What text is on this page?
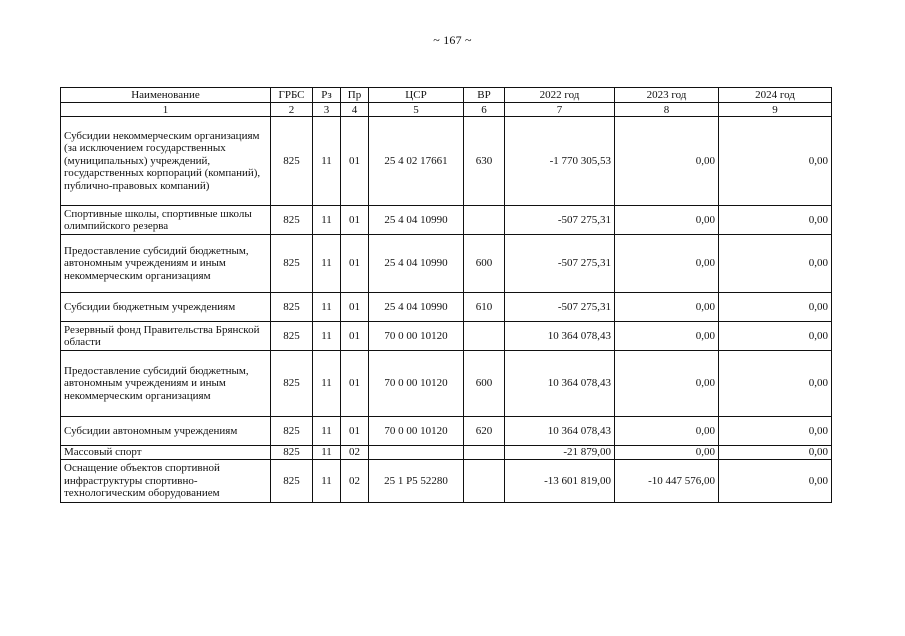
~ 167 ~
Наименование	ГРБС	Рз	Пр	ЦСР	ВР	2022 год	2023 год	2024 год
1	2	3	4	5	6	7	8	9
Субсидии некоммерческим организациям (за исключением государственных (муниципальных) учреждений, государственных корпораций (компаний), публично-правовых компаний)	825	11	01	25 4 02 17661	630	-1 770 305,53	0,00	0,00
Спортивные школы, спортивные школы олимпийского резерва	825	11	01	25 4 04 10990		-507 275,31	0,00	0,00
Предоставление субсидий бюджетным, автономным учреждениям и иным некоммерческим организациям	825	11	01	25 4 04 10990	600	-507 275,31	0,00	0,00
Субсидии бюджетным учреждениям	825	11	01	25 4 04 10990	610	-507 275,31	0,00	0,00
Резервный фонд Правительства Брянской области	825	11	01	70 0 00 10120		10 364 078,43	0,00	0,00
Предоставление субсидий бюджетным, автономным учреждениям и иным некоммерческим организациям	825	11	01	70 0 00 10120	600	10 364 078,43	0,00	0,00
Субсидии автономным учреждениям	825	11	01	70 0 00 10120	620	10 364 078,43	0,00	0,00
Массовый спорт	825	11	02			-21 879,00	0,00	0,00
Оснащение объектов спортивной инфраструктуры спортивно-технологическим оборудованием	825	11	02	25 1 P5 52280		-13 601 819,00	-10 447 576,00	0,00
